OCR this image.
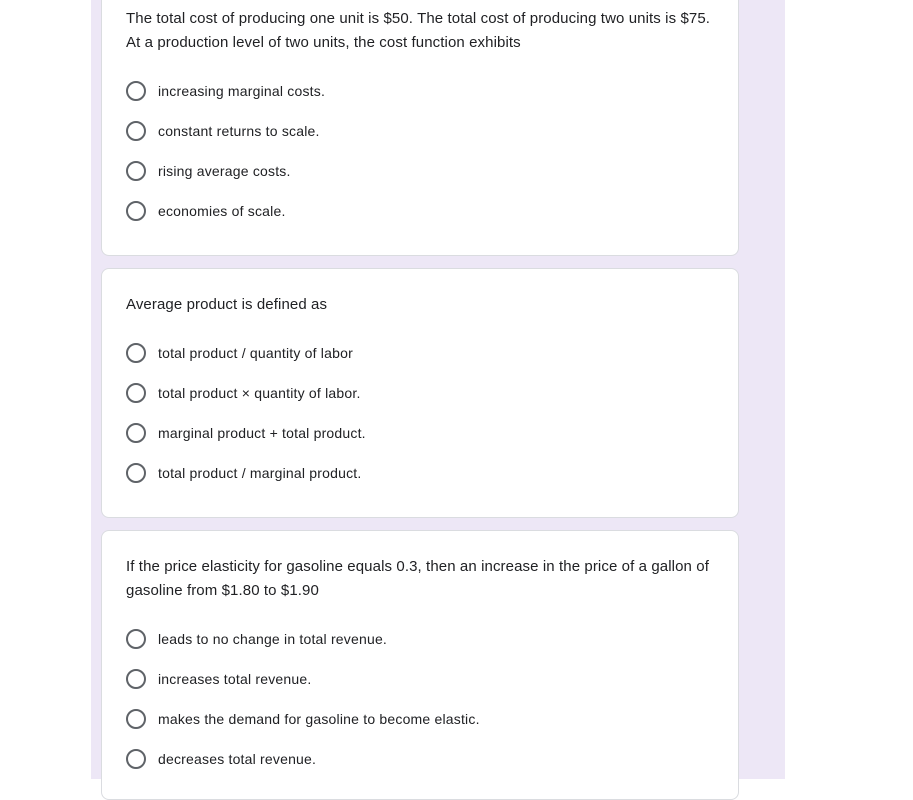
The total cost of producing one unit is $50. The total cost of producing two units is $75. At a production level of two units, the cost function exhibits
increasing marginal costs.
constant returns to scale.
rising average costs.
economies of scale.
Average product is defined as
total product / quantity of labor
total product × quantity of labor.
marginal product + total product.
total product / marginal product.
If the price elasticity for gasoline equals 0.3, then an increase in the price of a gallon of gasoline from $1.80 to $1.90
leads to no change in total revenue.
increases total revenue.
makes the demand for gasoline to become elastic.
decreases total revenue.
